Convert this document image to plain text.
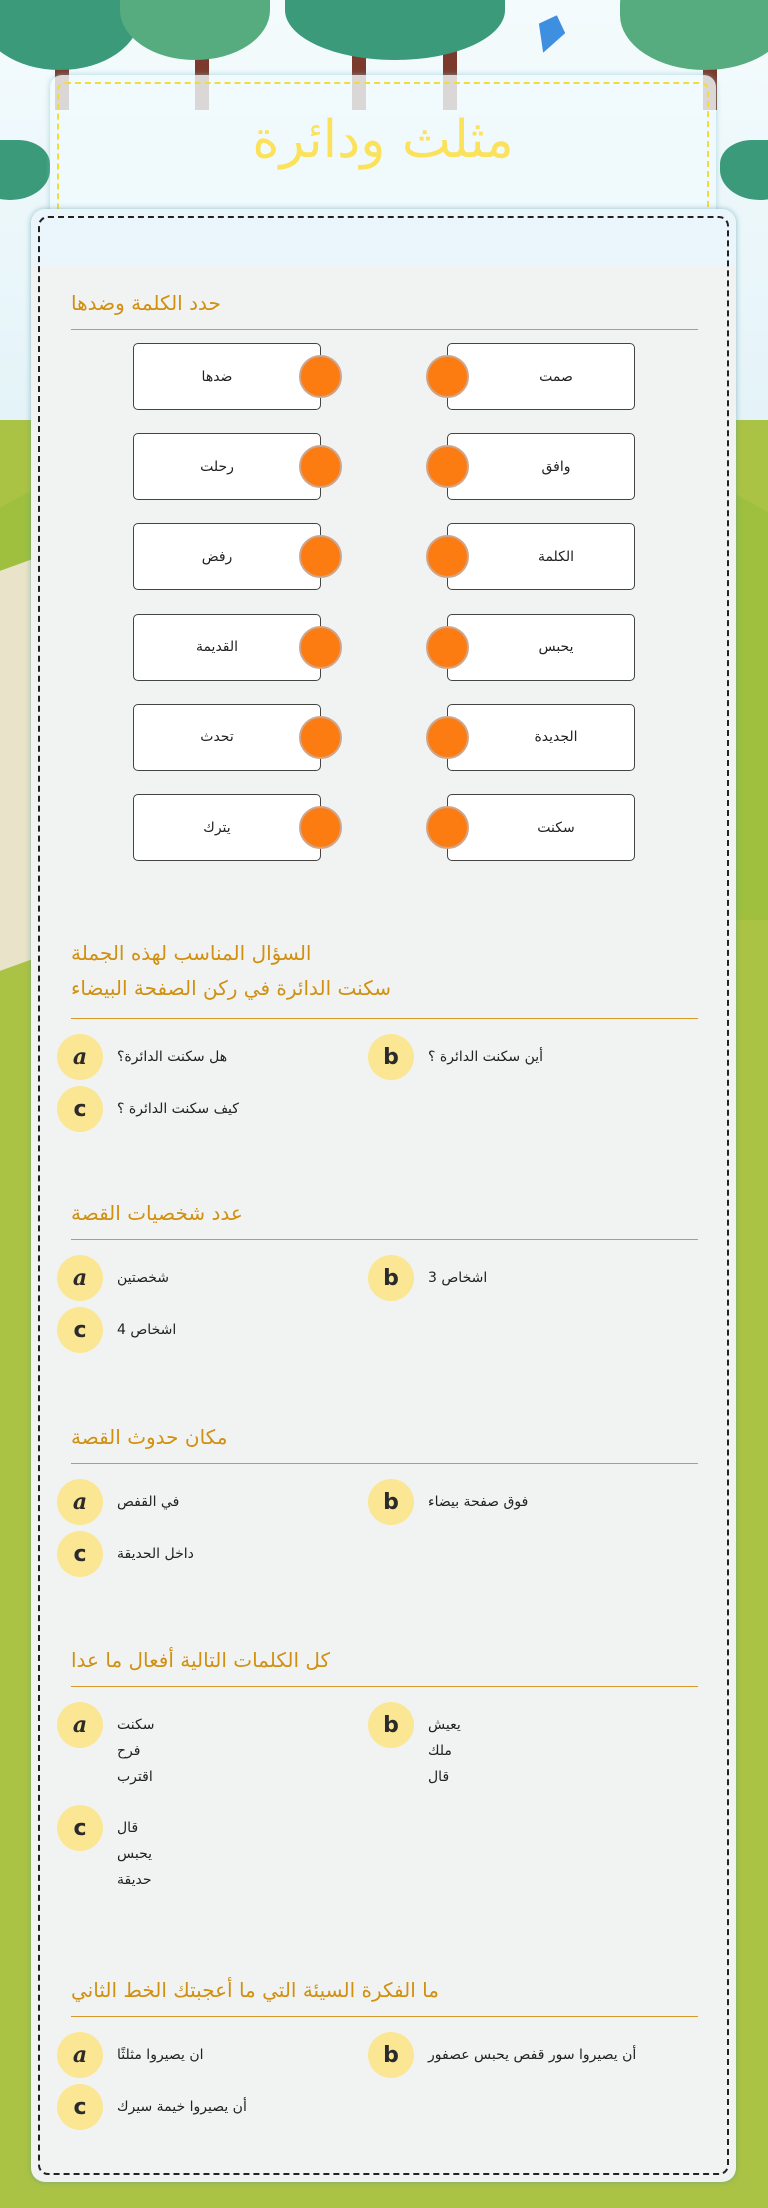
مثلث ودائرة
حدد الكلمة وضدها
ضدها	صمت
رحلت	وافق
رفض	الكلمة
القديمة	يحبس
تحدث	الجديدة
يترك	سكنت
السؤال المناسب لهذه الجملة
سكنت الدائرة في ركن الصفحة البيضاء
a	هل سكنت الدائرة؟	b	أين سكنت الدائرة ؟
c	كيف سكنت الدائرة ؟
عدد شخصيات القصة
a	شخصتين	b	اشخاص 3
c	اشخاص 4
مكان حدوث القصة
a	في القفص	b	فوق صفحة بيضاء
c	داخل الحديقة
كل الكلمات التالية أفعال ما عدا
a	سكنت
فرح
اقترب
b	يعيش
ملك
قال
c	قال
يحبس
حديقة
ما الفكرة السيئة التي ما أعجبتك الخط الثاني
a	ان يصيروا مثلثًا	b	أن يصيروا سور قفص يحبس عصفور
c	أن يصيروا خيمة سيرك
